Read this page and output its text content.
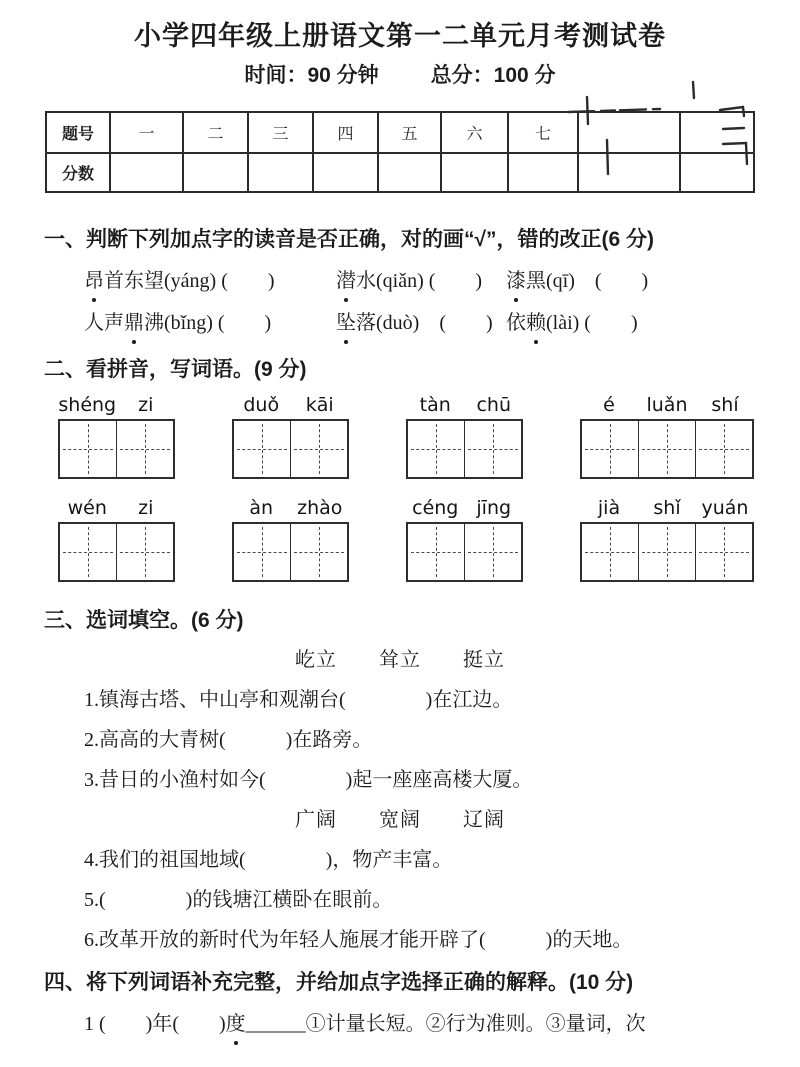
小学四年级上册语文第一二单元月考测试卷
时间：90 分钟 总分：100 分
题号	一	二	三	四	五	六	七		
分数									
一、判断下列加点字的读音是否正确，对的画“√”，错的改正(6 分)
昂首东望(yáng) (　　)	潜水(qiǎn) (　　)	漆黑(qī)　(　　)
人声鼎沸(bǐng) (　　)	坠落(duò)　(　　) 依赖(lài) (　　)
二、看拼音，写词语。(9 分)
shéng	zi	duǒ	kāi	tàn	chū	é	luǎn	shí
wén	zi	àn	zhào	céng jīng	jià	shǐ	yuán
三、选词填空。(6 分)
屹立　　耸立　　挺立
1.镇海古塔、中山亭和观潮台(　　　　)在江边。
2.高高的大青树(　　　)在路旁。
3.昔日的小渔村如今(　　　　)起一座座高楼大厦。
广阔　　宽阔　　辽阔
4.我们的祖国地域(　　　　)，物产丰富。
5.(　　　　)的钱塘江横卧在眼前。
6.改革开放的新时代为年轻人施展才能开辟了(　　　)的天地。
四、将下列词语补充完整，并给加点字选择正确的解释。(10 分)
1 (　　)年(　　)度______①计量长短。②行为准则。③量词，次
